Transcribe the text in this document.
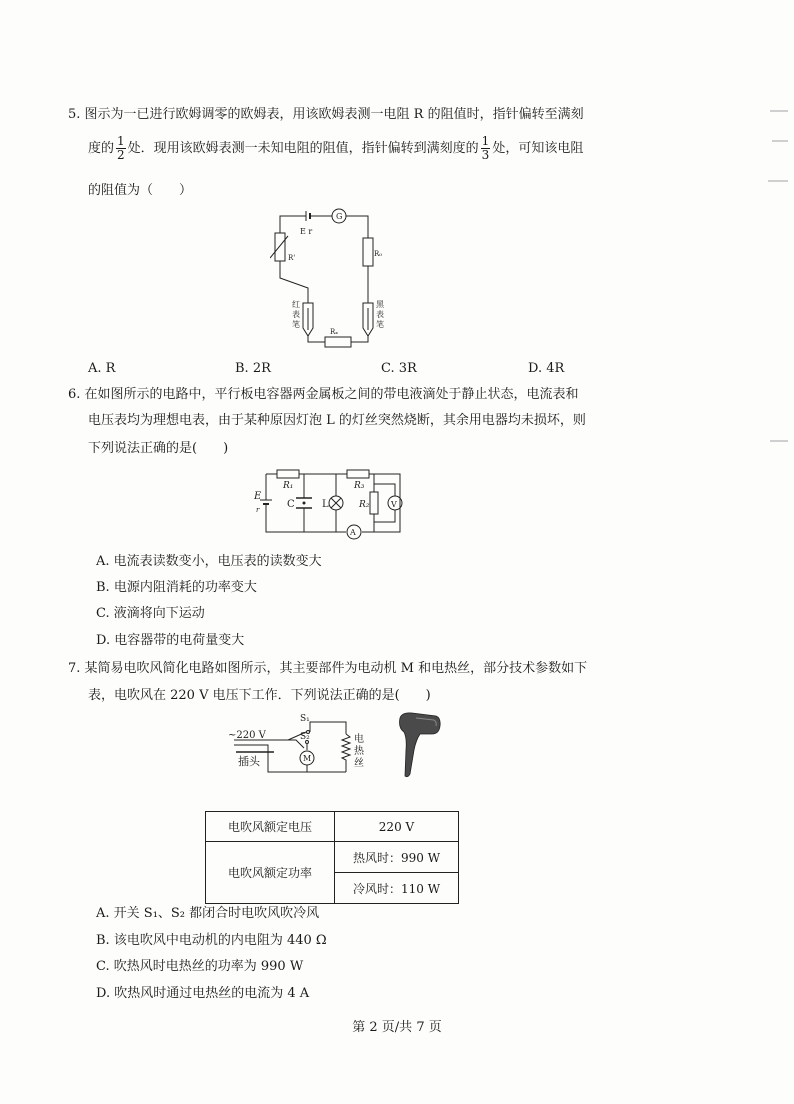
5. 图示为一已进行欧姆调零的欧姆表，用该欧姆表测一电阻 R 的阻值时，指针偏转至满刻
度的 $\frac{1}{2}$ 处．现用该欧姆表测一未知电阻的阻值，指针偏转到满刻度的 $\frac{1}{3}$ 处，可知该电阻
的阻值为（　　）
E r
G
R'	R₀
Rₓ
红表笔
黑表笔
A. R	B. 2R	C. 3R	D. 4R
6. 在如图所示的电路中，平行板电容器两金属板之间的带电液滴处于静止状态，电流表和
电压表均为理想电表，由于某种原因灯泡 L 的灯丝突然烧断，其余用电器均未损坏，则
下列说法正确的是(　　)
E
r
R₁	R₃
C	L	R₂	V
A
A. 电流表读数变小，电压表的读数变大
B. 电源内阻消耗的功率变大
C. 液滴将向下运动
D. 电容器带的电荷量变大
7. 某简易电吹风简化电路如图所示，其主要部件为电动机 M 和电热丝，部分技术参数如下
表，电吹风在 220 V 电压下工作．下列说法正确的是(　　)
~220 V
S₁
S₂
M
插头
电
热
丝
电吹风额定电压	220 V
电吹风额定功率	热风时：990 W
	冷风时：110 W
A. 开关 S₁、S₂ 都闭合时电吹风吹冷风
B. 该电吹风中电动机的内电阻为 440 Ω
C. 吹热风时电热丝的功率为 990 W
D. 吹热风时通过电热丝的电流为 4 A
第 2 页/共 7 页
